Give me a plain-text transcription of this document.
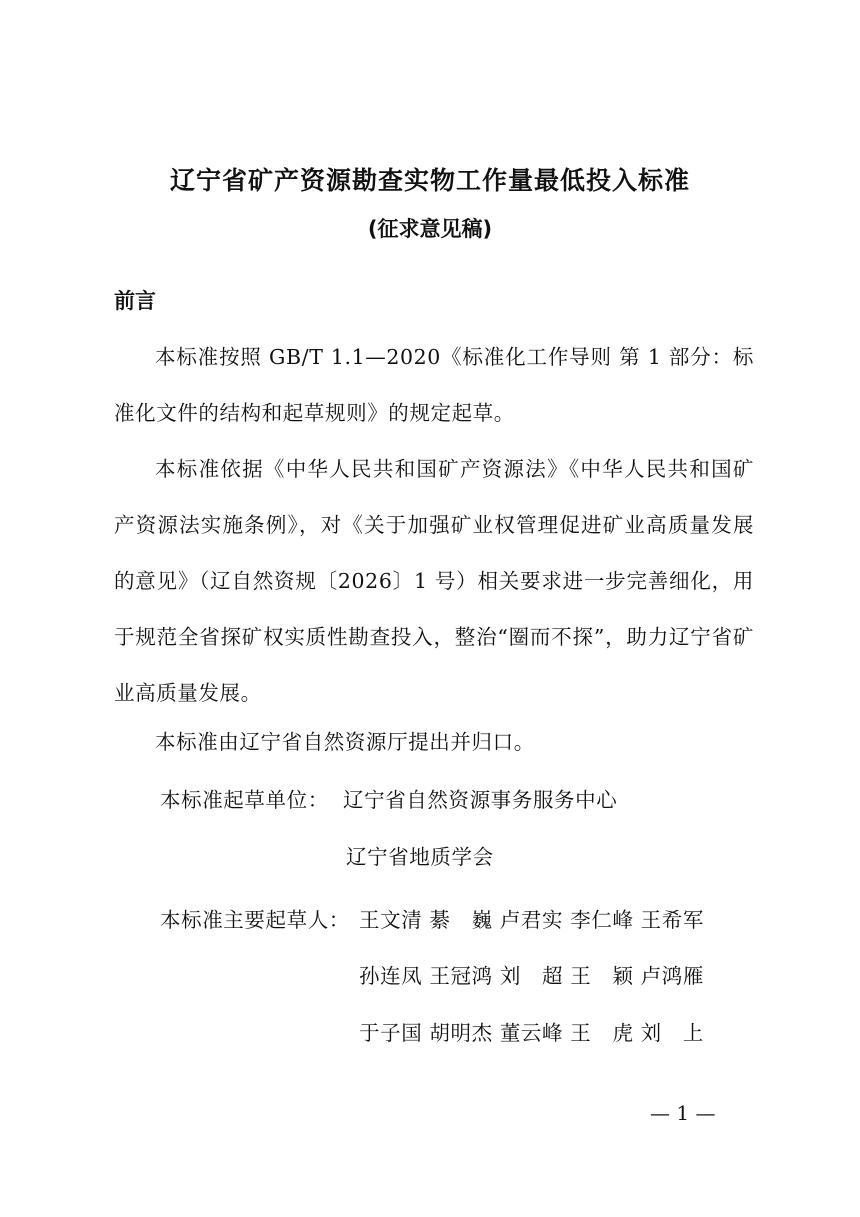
辽宁省矿产资源勘查实物工作量最低投入标准
(征求意见稿)
前言

本标准按照 GB/T 1.1—2020《标准化工作导则 第 1 部分：标准化文件的结构和起草规则》的规定起草。

本标准依据《中华人民共和国矿产资源法》《中华人民共和国矿产资源法实施条例》，对《关于加强矿业权管理促进矿业高质量发展的意见》（辽自然资规〔2026〕1 号）相关要求进一步完善细化，用于规范全省探矿权实质性勘查投入，整治“圈而不探”，助力辽宁省矿业高质量发展。

本标准由辽宁省自然资源厅提出并归口。

本标准起草单位： 辽宁省自然资源事务服务中心
辽宁省地质学会
本标准主要起草人： 王文清 綦　巍 卢君实 李仁峰 王希军
孙连凤 王冠鸿 刘　超 王　颖 卢鸿雁
于子国 胡明杰 董云峰 王　虎 刘　上
— 1 —
